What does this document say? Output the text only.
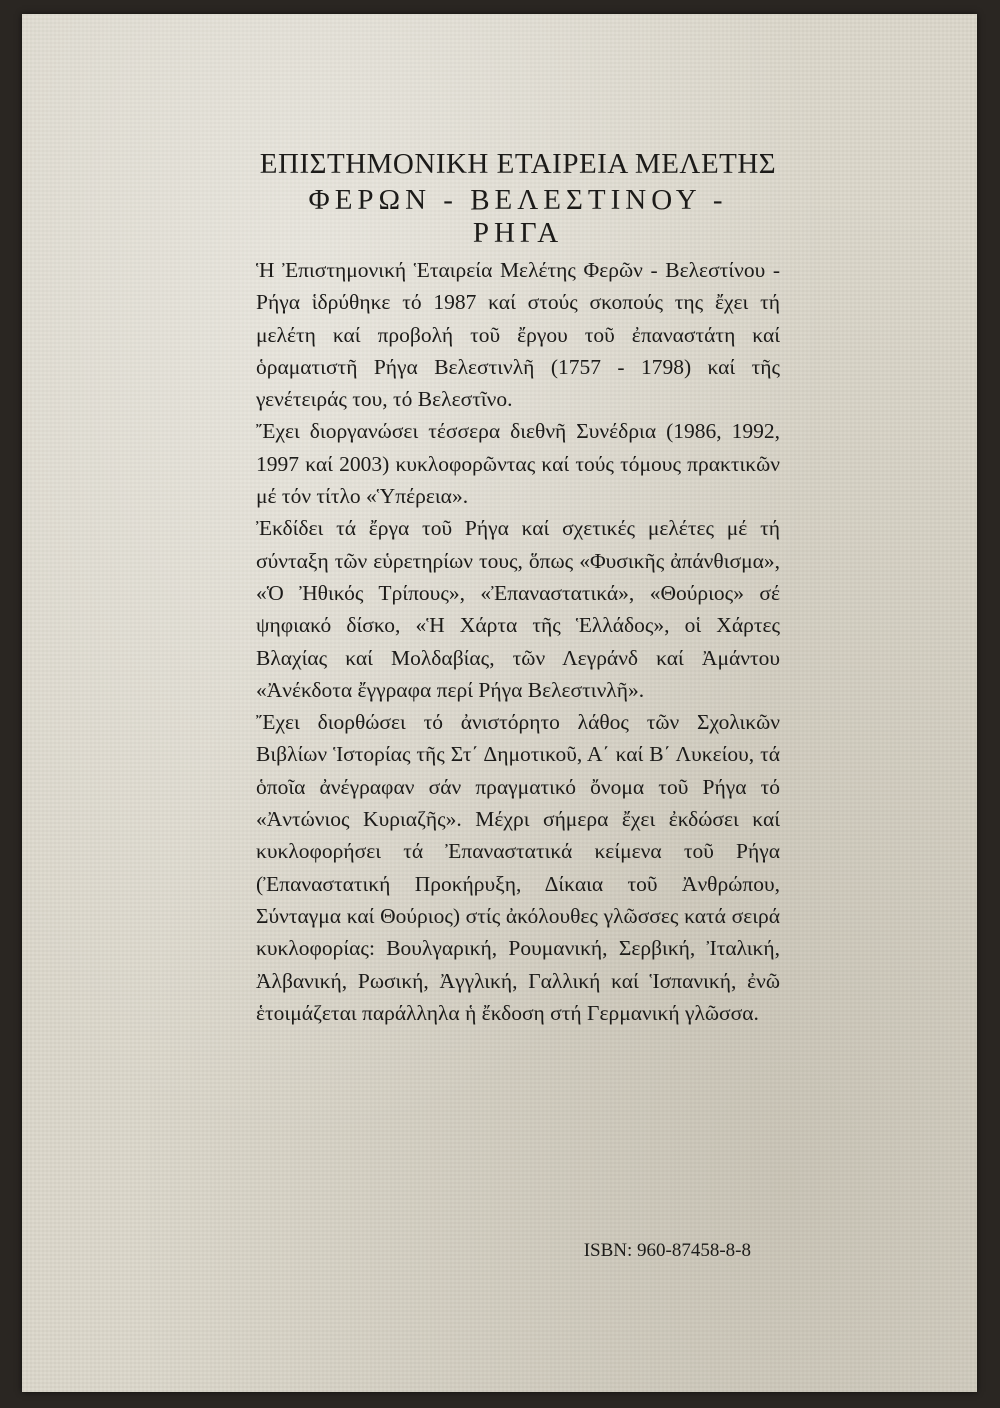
ΕΠΙΣΤΗΜΟΝΙΚΗ ΕΤΑΙΡΕΙΑ ΜΕΛΕΤΗΣ
ΦΕΡΩΝ - ΒΕΛΕΣΤΙΝΟΥ - ΡΗΓΑ

Ἡ Ἐπιστημονική Ἑταιρεία Μελέτης Φερῶν - Βελεστίνου - Ρήγα ἱδρύθηκε τό 1987 καί στούς σκοπούς της ἔχει τή μελέτη καί προβολή τοῦ ἔργου τοῦ ἐπαναστάτη καί ὁραματιστῆ Ρήγα Βελεστινλῆ (1757 - 1798) καί τῆς γενέτειράς του, τό Βελεστῖνο.

Ἔχει διοργανώσει τέσσερα διεθνῆ Συνέδρια (1986, 1992, 1997 καί 2003) κυκλοφορῶντας καί τούς τόμους πρακτικῶν μέ τόν τίτλο «Ὑπέρεια».

Ἐκδίδει τά ἔργα τοῦ Ρήγα καί σχετικές μελέτες μέ τή σύνταξη τῶν εὑρετηρίων τους, ὅπως «Φυσικῆς ἀπάνθισμα», «Ὁ Ἠθικός Τρίπους», «Ἐπαναστατικά», «Θούριος» σέ ψηφιακό δίσκο, «Ἡ Χάρτα τῆς Ἑλλάδος», οἱ Χάρτες Βλαχίας καί Μολδαβίας, τῶν Λεγράνδ καί Ἀμάντου «Ἀνέκδοτα ἔγγραφα περί Ρήγα Βελεστινλῆ».

Ἔχει διορθώσει τό ἀνιστόρητο λάθος τῶν Σχολικῶν Βιβλίων Ἱστορίας τῆς Στ΄ Δημοτικοῦ, Α΄ καί Β΄ Λυκείου, τά ὁποῖα ἀνέγραφαν σάν πραγματικό ὄνομα τοῦ Ρήγα τό «Ἀντώνιος Κυριαζῆς». Μέχρι σήμερα ἔχει ἐκδώσει καί κυκλοφορήσει τά Ἐπαναστατικά κείμενα τοῦ Ρήγα (Ἐπαναστατική Προκήρυξη, Δίκαια τοῦ Ἀνθρώπου, Σύνταγμα καί Θούριος) στίς ἀκόλουθες γλῶσσες κατά σειρά κυκλοφορίας: Βουλγαρική, Ρουμανική, Σερβική, Ἰταλική, Ἀλβανική, Ρωσική, Ἀγγλική, Γαλλική καί Ἱσπανική, ἐνῶ ἑτοιμάζεται παράλληλα ἡ ἔκδοση στή Γερμανική γλῶσσα.

ISBN: 960-87458-8-8
